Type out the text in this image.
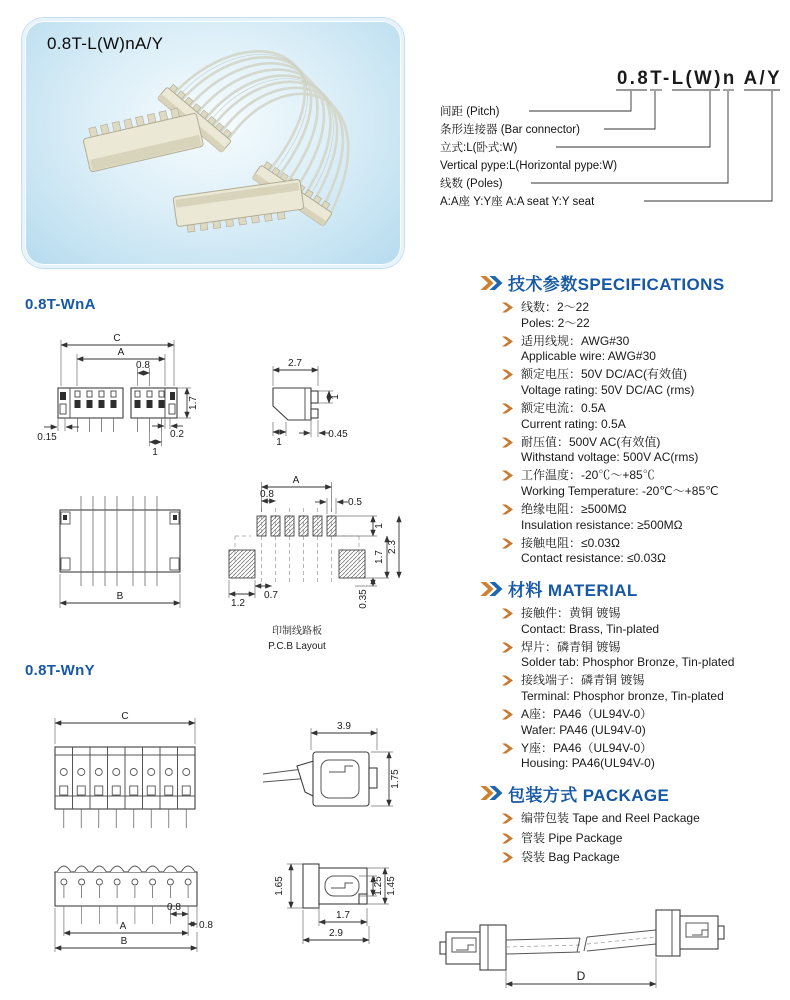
0.8T-L(W)nA/Y
0.8T-L(W)n A/Y
间距 (Pitch)
条形连接器 (Bar connector)
立式:L(卧式:W)
Vertical pype:L(Horizontal pype:W)
线数 (Poles)
A:A座 Y:Y座 A:A seat Y:Y seat
0.8T-WnA
0.8T-WnY
C
A
0.8
1.7
0.15	0.2
1
2.7
1
0.45
1
B
A
0.8
0.5
1
1.7
2.3
0.35
1.2
0.7
印制线路板
P.C.B Layout
C
3.9
1.75
0.8
0.8
A
B
1.65	1.25 1.45
1.7
2.9
D
技术参数SPECIFICATIONS
线数：2～22
Poles: 2～22
适用线规：AWG#30
Applicable wire: AWG#30
额定电压：50V DC/AC(有效值)
Voltage rating: 50V DC/AC (rms)
额定电流：0.5A
Current rating: 0.5A
耐压值：500V AC(有效值)
Withstand voltage: 500V AC(rms)
工作温度：-20℃～+85℃
Working Temperature: -20℃～+85℃
绝缘电阻：≥500MΩ
Insulation resistance: ≥500MΩ
接触电阻：≤0.03Ω
Contact resistance: ≤0.03Ω
材料 MATERIAL
接触件：黄铜 镀锡
Contact: Brass, Tin-plated
焊片：磷青铜 镀锡
Solder tab: Phosphor Bronze, Tin-plated
接线端子：磷青铜 镀锡
Terminal: Phosphor bronze, Tin-plated
A座：PA46（UL94V-0）
Wafer: PA46 (UL94V-0)
Y座：PA46（UL94V-0）
Housing: PA46(UL94V-0)
包装方式 PACKAGE
编带包装 Tape and Reel Package
管装 Pipe Package
袋装 Bag Package
